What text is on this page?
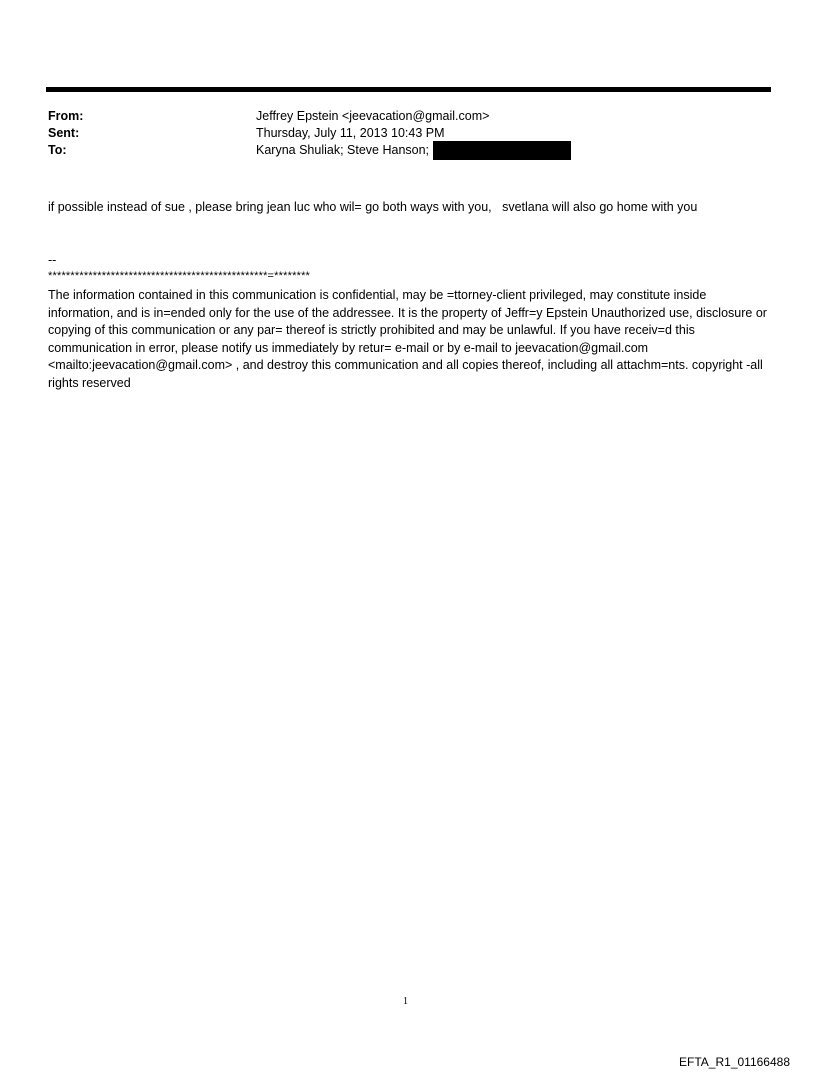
From:	Jeffrey Epstein <jeevacation@gmail.com>
Sent:	Thursday, July 11, 2013 10:43 PM
To:	Karyna Shuliak; Steve Hanson;
if possible instead of sue , please bring jean luc who wil= go both ways with you,   svetlana will also go home with you
--
*************************************************=********
The information contained in this communication is confidential, may be =ttorney-client privileged, may constitute inside information, and is in=ended only for the use of the addressee. It is the property of Jeffr=y Epstein Unauthorized use, disclosure or copying of this communication or any par= thereof is strictly prohibited and may be unlawful. If you have receiv=d this communication in error, please notify us immediately by retur= e-mail or by e-mail to jeevacation@gmail.com <mailto:jeevacation@gmail.com> , and destroy this communication and all copies thereof, including all attachm=nts. copyright -all rights reserved
1
EFTA_R1_01166488
